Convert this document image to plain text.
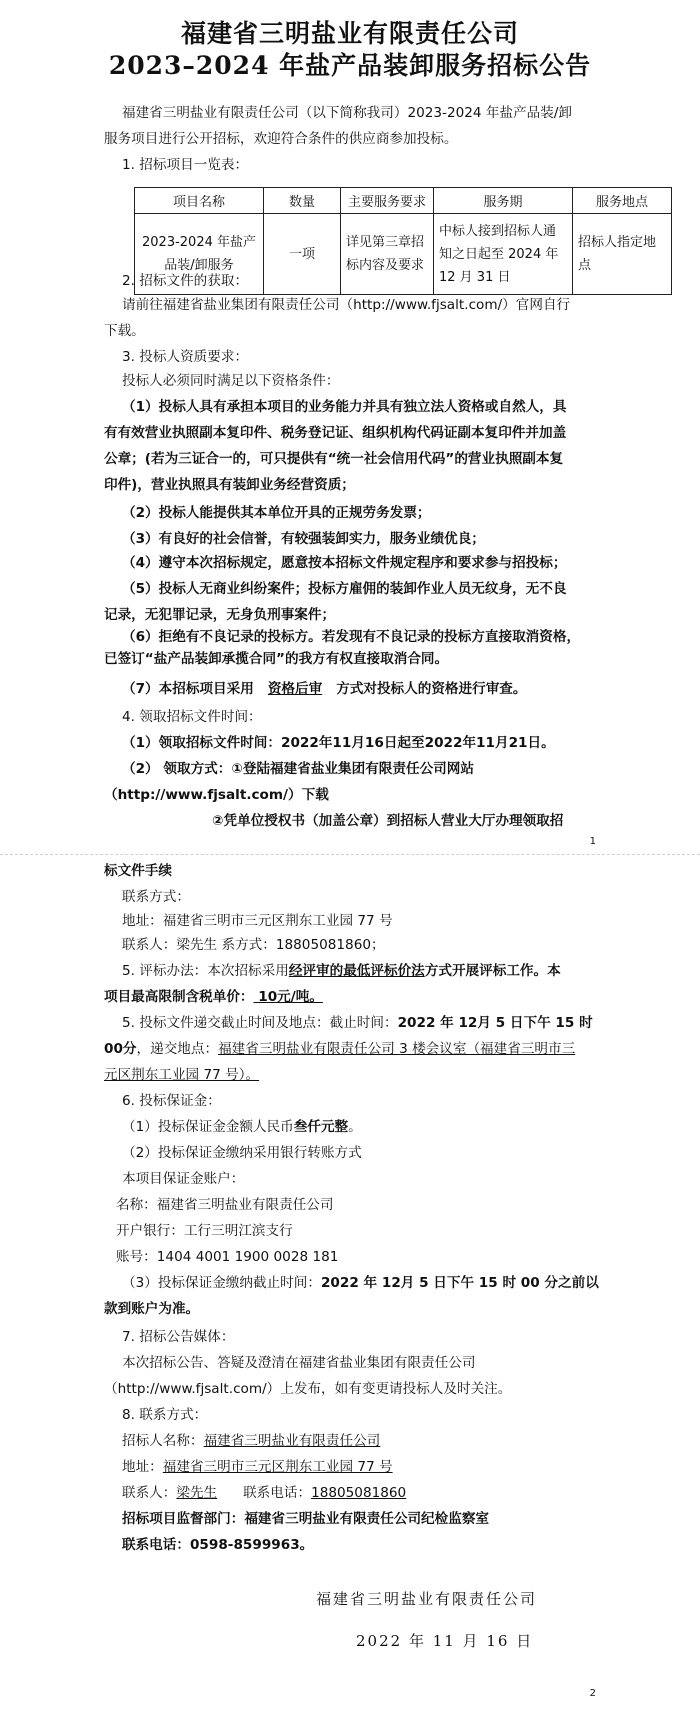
福建省三明盐业有限责任公司
2023–2024 年盐产品装卸服务招标公告
福建省三明盐业有限责任公司（以下简称我司）2023-2024 年盐产品装/卸
服务项目进行公开招标，欢迎符合条件的供应商参加投标。
1. 招标项目一览表：
项目名称	数量	主要服务要求	服务期	服务地点
2023-2024 年盐产品装/卸服务	一项	详见第三章招标内容及要求	中标人接到招标人通知之日起至 2024 年 12 月 31 日	招标人指定地点
2. 招标文件的获取：
请前往福建省盐业集团有限责任公司（http://www.fjsalt.com/）官网自行
下载。
3. 投标人资质要求：
投标人必须同时满足以下资格条件：
（1）投标人具有承担本项目的业务能力并具有独立法人资格或自然人，具
有有效营业执照副本复印件、税务登记证、组织机构代码证副本复印件并加盖
公章；(若为三证合一的，可只提供有“统一社会信用代码”的营业执照副本复
印件)，营业执照具有装卸业务经营资质；
（2）投标人能提供其本单位开具的正规劳务发票；
（3）有良好的社会信誉，有较强装卸实力，服务业绩优良；
（4）遵守本次招标规定，愿意按本招标文件规定程序和要求参与招投标；
（5）投标人无商业纠纷案件；投标方雇佣的装卸作业人员无纹身，无不良
记录，无犯罪记录，无身负刑事案件；
（6）拒绝有不良记录的投标方。若发现有不良记录的投标方直接取消资格，
已签订“盐产品装卸承揽合同”的我方有权直接取消合同。
（7）本招标项目采用 资格后审 方式对投标人的资格进行审查。
4. 领取招标文件时间：
（1）领取招标文件时间：2022年11月16日起至2022年11月21日。
（2） 领取方式：①登陆福建省盐业集团有限责任公司网站
（http://www.fjsalt.com/）下载
②凭单位授权书（加盖公章）到招标人营业大厅办理领取招
1
标文件手续
联系方式：
地址：福建省三明市三元区荆东工业园 77 号
联系人：梁先生 系方式：18805081860；
5. 评标办法：本次招标采用经评审的最低评标价法方式开展评标工作。本
项目最高限制含税单价： 10元/吨。
5. 投标文件递交截止时间及地点：截止时间：2022 年 12月 5 日下午 15 时
00分，递交地点：福建省三明盐业有限责任公司 3 楼会议室（福建省三明市三
元区荆东工业园 77 号）。
6. 投标保证金：
（1）投标保证金金额人民币叁仟元整。
（2）投标保证金缴纳采用银行转账方式
本项目保证金账户：
名称：福建省三明盐业有限责任公司
开户银行：工行三明江滨支行
账号：1404 4001 1900 0028 181
（3）投标保证金缴纳截止时间：2022 年 12月 5 日下午 15 时 00 分之前以
款到账户为准。
7. 招标公告媒体：
本次招标公告、答疑及澄清在福建省盐业集团有限责任公司
（http://www.fjsalt.com/）上发布，如有变更请投标人及时关注。
8. 联系方式：
招标人名称：福建省三明盐业有限责任公司
地址：福建省三明市三元区荆东工业园 77 号
联系人：梁先生      联系电话：18805081860
招标项目监督部门：福建省三明盐业有限责任公司纪检监察室
联系电话：0598-8599963。
福建省三明盐业有限责任公司
2022 年 11 月 16 日
2
